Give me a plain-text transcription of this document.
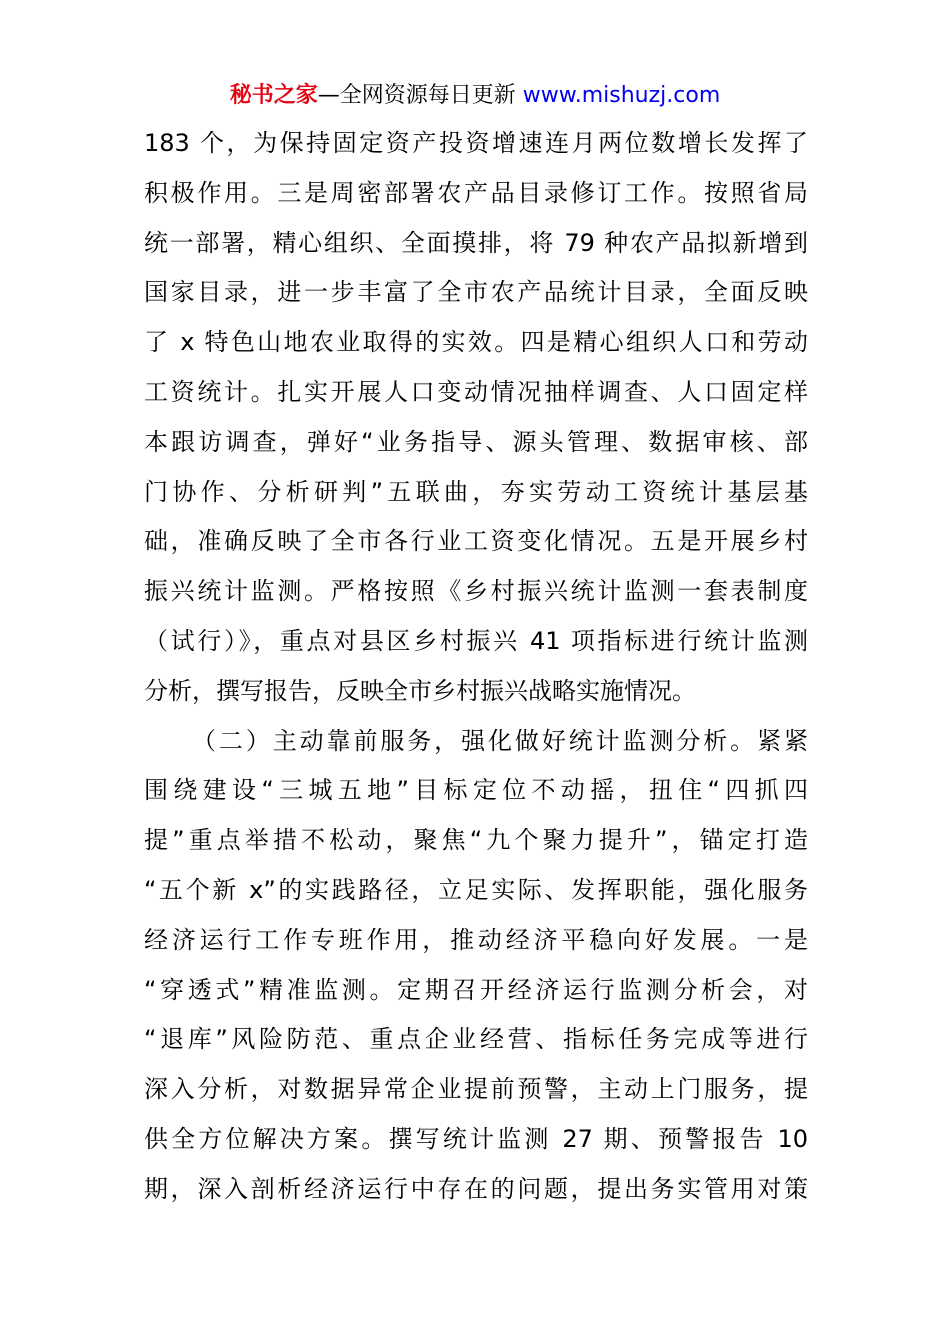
秘书之家—全网资源每日更新 www.mishuzj.com
183 个，为保持固定资产投资增速连月两位数增长发挥了
积极作用。三是周密部署农产品目录修订工作。按照省局
统一部署，精心组织、全面摸排，将 79 种农产品拟新增到
国家目录，进一步丰富了全市农产品统计目录，全面反映
了 x 特色山地农业取得的实效。四是精心组织人口和劳动
工资统计。扎实开展人口变动情况抽样调查、人口固定样
本跟访调查，弹好“业务指导、源头管理、数据审核、部
门协作、分析研判”五联曲，夯实劳动工资统计基层基
础，准确反映了全市各行业工资变化情况。五是开展乡村
振兴统计监测。严格按照《乡村振兴统计监测一套表制度
（试行）》，重点对县区乡村振兴 41 项指标进行统计监测
分析，撰写报告，反映全市乡村振兴战略实施情况。
（二）主动靠前服务，强化做好统计监测分析。紧紧
围绕建设“三城五地”目标定位不动摇，扭住“四抓四
提”重点举措不松动，聚焦“九个聚力提升”，锚定打造
“五个新 x”的实践路径，立足实际、发挥职能，强化服务
经济运行工作专班作用，推动经济平稳向好发展。一是
“穿透式”精准监测。定期召开经济运行监测分析会，对
“退库”风险防范、重点企业经营、指标任务完成等进行
深入分析，对数据异常企业提前预警，主动上门服务，提
供全方位解决方案。撰写统计监测 27 期、预警报告 10
期，深入剖析经济运行中存在的问题，提出务实管用对策
